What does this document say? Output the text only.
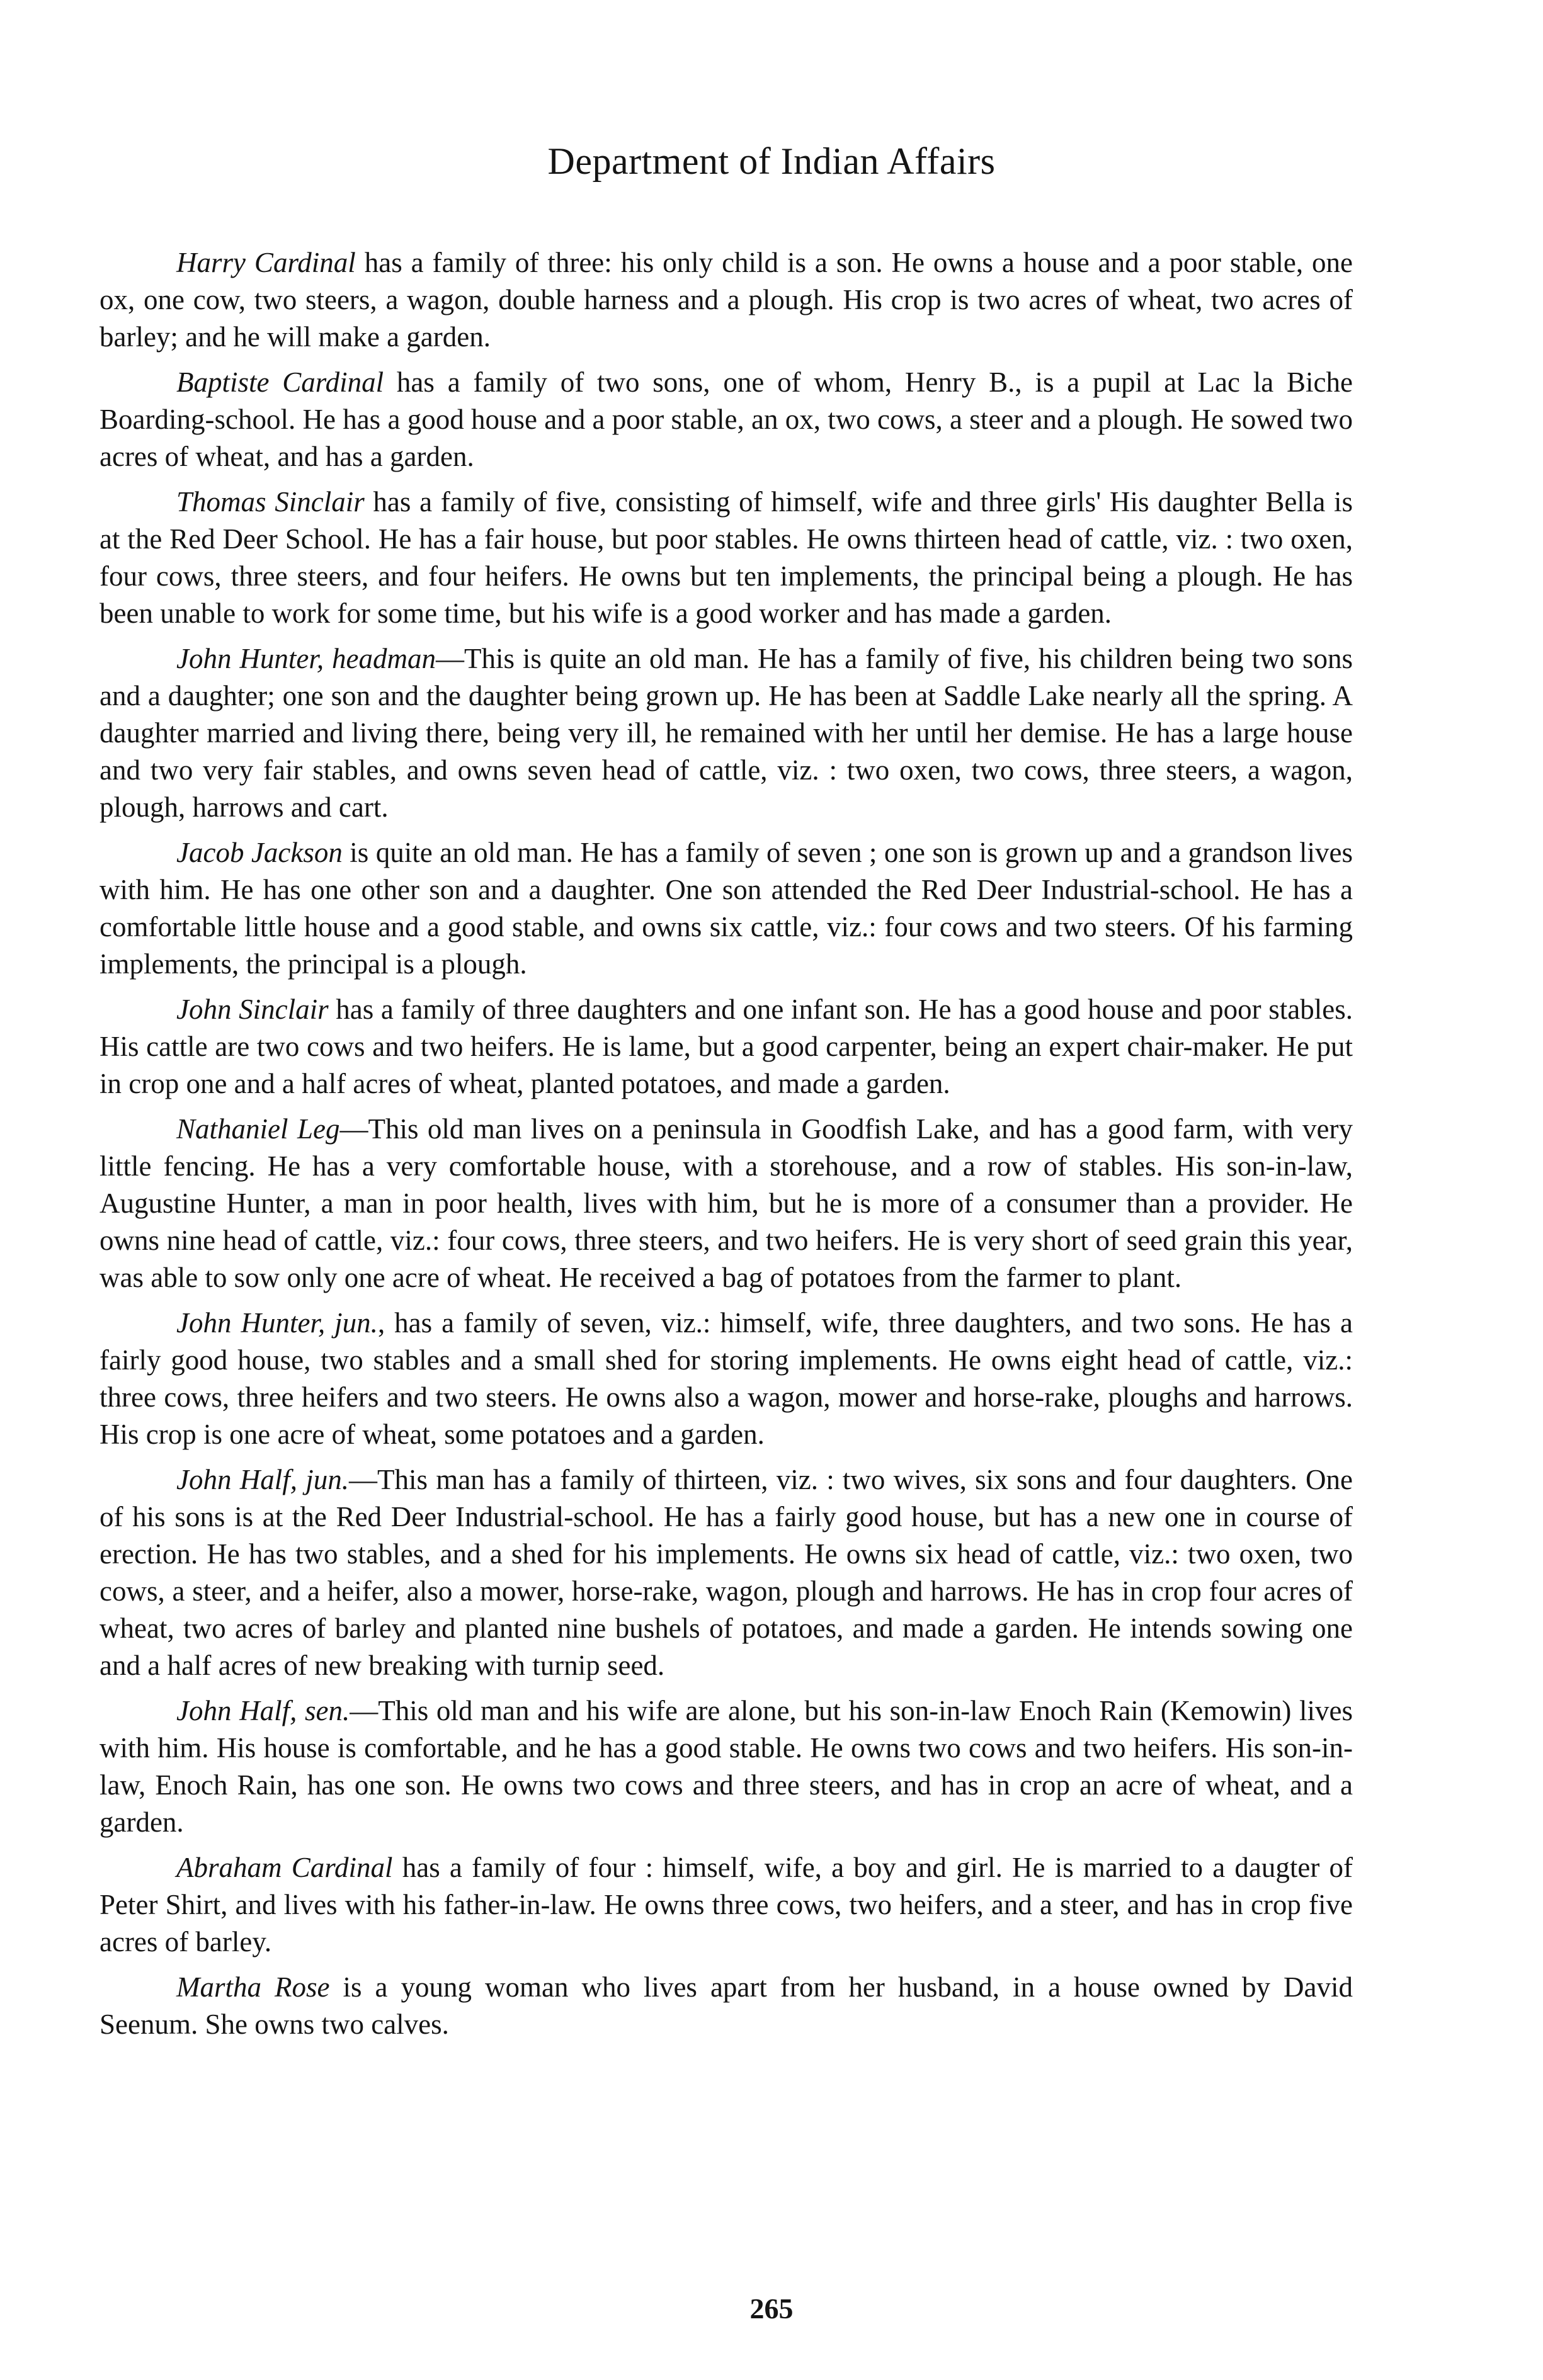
Department of Indian Affairs

Harry Cardinal has a family of three: his only child is a son. He owns a house and a poor stable, one ox, one cow, two steers, a wagon, double harness and a plough. His crop is two acres of wheat, two acres of barley; and he will make a garden.

Baptiste Cardinal has a family of two sons, one of whom, Henry B., is a pupil at Lac la Biche Boarding-school. He has a good house and a poor stable, an ox, two cows, a steer and a plough. He sowed two acres of wheat, and has a garden.

Thomas Sinclair has a family of five, consisting of himself, wife and three girls' His daughter Bella is at the Red Deer School. He has a fair house, but poor stables. He owns thirteen head of cattle, viz. : two oxen, four cows, three steers, and four heifers. He owns but ten implements, the principal being a plough. He has been unable to work for some time, but his wife is a good worker and has made a garden.

John Hunter, headman—This is quite an old man. He has a family of five, his children being two sons and a daughter; one son and the daughter being grown up. He has been at Saddle Lake nearly all the spring. A daughter married and living there, being very ill, he remained with her until her demise. He has a large house and two very fair stables, and owns seven head of cattle, viz. : two oxen, two cows, three steers, a wagon, plough, harrows and cart.

Jacob Jackson is quite an old man. He has a family of seven ; one son is grown up and a grandson lives with him. He has one other son and a daughter. One son attended the Red Deer Industrial-school. He has a comfortable little house and a good stable, and owns six cattle, viz.: four cows and two steers. Of his farming implements, the principal is a plough.

John Sinclair has a family of three daughters and one infant son. He has a good house and poor stables. His cattle are two cows and two heifers. He is lame, but a good carpenter, being an expert chair-maker. He put in crop one and a half acres of wheat, planted potatoes, and made a garden.

Nathaniel Leg—This old man lives on a peninsula in Goodfish Lake, and has a good farm, with very little fencing. He has a very comfortable house, with a storehouse, and a row of stables. His son-in-law, Augustine Hunter, a man in poor health, lives with him, but he is more of a consumer than a provider. He owns nine head of cattle, viz.: four cows, three steers, and two heifers. He is very short of seed grain this year, was able to sow only one acre of wheat. He received a bag of potatoes from the farmer to plant.

John Hunter, jun., has a family of seven, viz.: himself, wife, three daughters, and two sons. He has a fairly good house, two stables and a small shed for storing implements. He owns eight head of cattle, viz.: three cows, three heifers and two steers. He owns also a wagon, mower and horse-rake, ploughs and harrows. His crop is one acre of wheat, some potatoes and a garden.

John Half, jun.—This man has a family of thirteen, viz. : two wives, six sons and four daughters. One of his sons is at the Red Deer Industrial-school. He has a fairly good house, but has a new one in course of erection. He has two stables, and a shed for his implements. He owns six head of cattle, viz.: two oxen, two cows, a steer, and a heifer, also a mower, horse-rake, wagon, plough and harrows. He has in crop four acres of wheat, two acres of barley and planted nine bushels of potatoes, and made a garden. He intends sowing one and a half acres of new breaking with turnip seed.

John Half, sen.—This old man and his wife are alone, but his son-in-law Enoch Rain (Kemowin) lives with him. His house is comfortable, and he has a good stable. He owns two cows and two heifers. His son-in-law, Enoch Rain, has one son. He owns two cows and three steers, and has in crop an acre of wheat, and a garden.

Abraham Cardinal has a family of four : himself, wife, a boy and girl. He is married to a daugter of Peter Shirt, and lives with his father-in-law. He owns three cows, two heifers, and a steer, and has in crop five acres of barley.

Martha Rose is a young woman who lives apart from her husband, in a house owned by David Seenum. She owns two calves.

265
